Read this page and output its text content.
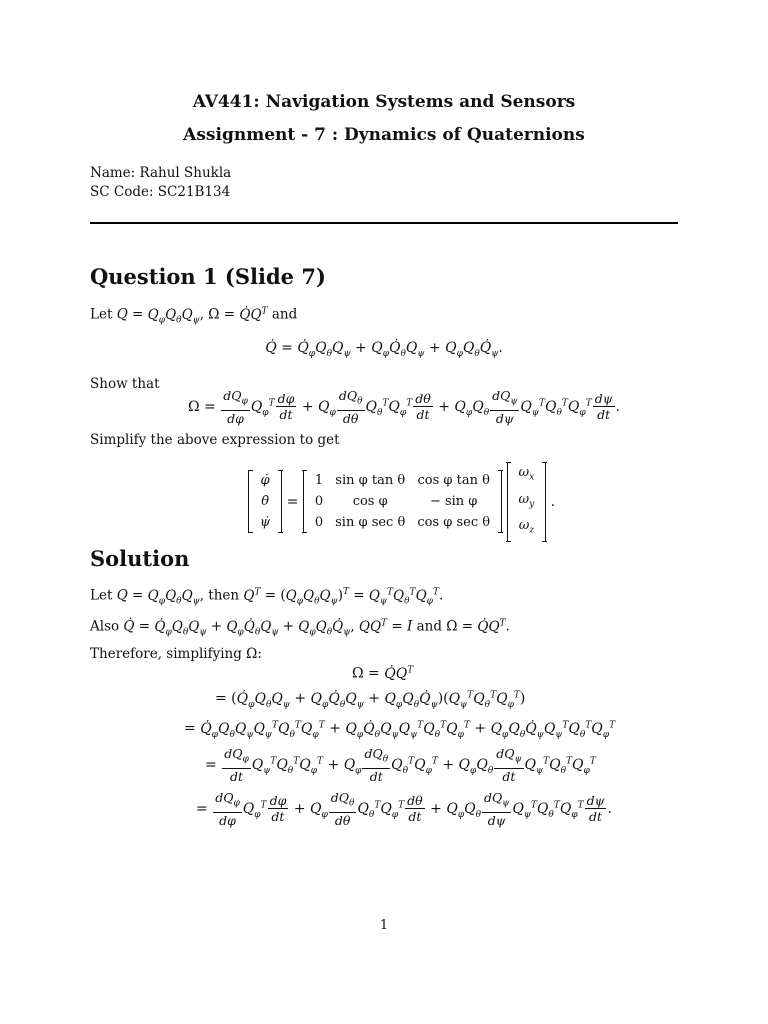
AV441: Navigation Systems and Sensors
Assignment - 7 : Dynamics of Quaternions
Name: Rahul Shukla
SC Code: SC21B134
Question 1 (Slide 7)
Let $Q = Q_\varphi Q_\theta Q_\psi$, $\Omega = Q̇Q^T$ and
Q̇ = $Q̇_\varphi Q_\theta Q_\psi$ + $Q_\varphi Q̇_\theta Q_\psi$ + $Q_\varphi Q_\theta Q̇_\psi$.
Show that
$\Omega = \frac{dQ_\varphi}{d\varphi} Q_\varphi^T \frac{d\varphi}{dt} + Q_\varphi \frac{dQ_\theta}{d\theta} Q_\theta^TQ_\varphi^T \frac{d\theta}{dt} + Q_\varphi Q_\theta \frac{dQ_\psi}{d\psi} Q_\psi^TQ_\theta^TQ_\varphi^T \frac{d\psi}{dt}$ .
Simplify the above expression to get
φ̇
θ̇
ψ̇
=
1	sin φ tan θ	cos φ tan θ
0	cos φ	− sin φ
0	sin φ sec θ	cos φ sec θ

$\omega_x$
$\omega_y$
$\omega_z$
.
Solution
Let $Q = Q_\varphi Q_\theta Q_\psi$, then $Q^T = (Q_\varphi Q_\theta Q_\psi)^T = Q_\psi^TQ_\theta^TQ_\varphi^T$.
Also Q̇ = $Q̇_\varphi Q_\theta Q_\psi$ + $Q_\varphi Q̇_\theta Q_\psi$ + $Q_\varphi Q_\theta Q̇_\psi$, $QQ^T = I$ and $\Omega = Q̇Q^T$.
Therefore, simplifying Ω:
$\Omega = Q̇Q^T$
= ($Q̇_\varphi Q_\theta Q_\psi$ + $Q_\varphi Q̇_\theta Q_\psi$ + $Q_\varphi Q_\theta Q̇_\psi)(Q_\psi^TQ_\theta^TQ_\varphi^T)$
= $Q̇_\varphi Q_\theta Q_\psi Q_\psi^TQ_\theta^TQ_\varphi^T$ + $Q_\varphi Q̇_\theta Q_\psi Q_\psi^TQ_\theta^TQ_\varphi^T$ + $Q_\varphi Q_\theta Q̇_\psi Q_\psi^TQ_\theta^TQ_\varphi^T$
= $\frac{dQ_\varphi}{dt} Q_\psi^TQ_\theta^TQ_\varphi^T + Q_\varphi \frac{dQ_\theta}{dt} Q_\theta^TQ_\varphi^T + Q_\varphi Q_\theta \frac{dQ_\psi}{dt} Q_\psi^TQ_\theta^TQ_\varphi^T$
= $\frac{dQ_\varphi}{d\varphi} Q_\varphi^T \frac{d\varphi}{dt} + Q_\varphi \frac{dQ_\theta}{d\theta} Q_\theta^TQ_\varphi^T \frac{d\theta}{dt} + Q_\varphi Q_\theta \frac{dQ_\psi}{d\psi} Q_\psi^TQ_\theta^TQ_\varphi^T \frac{d\psi}{dt}$ .
1
